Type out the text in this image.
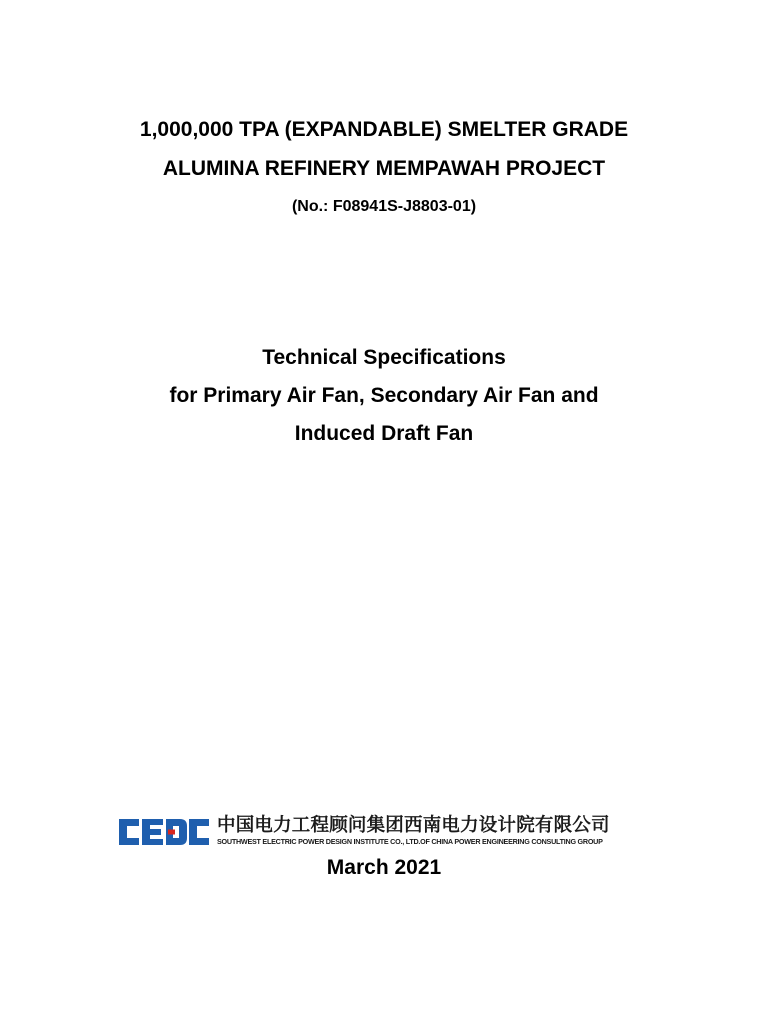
1,000,000 TPA (EXPANDABLE) SMELTER GRADE
ALUMINA REFINERY MEMPAWAH PROJECT
(No.: F08941S-J8803-01)
Technical Specifications
for Primary Air Fan, Secondary Air Fan and
Induced Draft Fan
中国电力工程顾问集团西南电力设计院有限公司
SOUTHWEST ELECTRIC POWER DESIGN INSTITUTE CO., LTD.OF CHINA POWER ENGINEERING CONSULTING GROUP
March 2021
